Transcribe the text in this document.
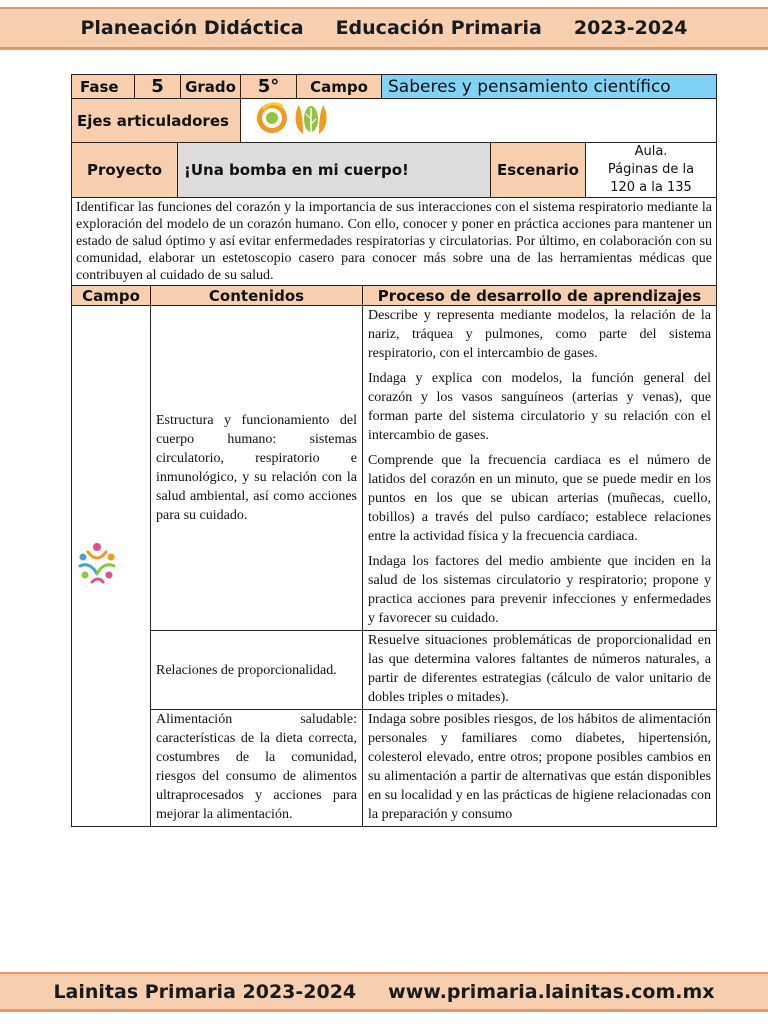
Planeación Didáctica Educación Primaria 2023-2024
Fase	5	Grado	5°	Campo	Saberes y pensamiento científico
Ejes articuladores	
Proyecto	¡Una bomba en mi cuerpo!	Escenario	
Aula.
Páginas de la
120 a la 135
Identificar las funciones del corazón y la importancia de sus interacciones con el sistema respiratorio mediante la exploración del modelo de un corazón humano. Con ello, conocer y poner en práctica acciones para mantener un estado de salud óptimo y así evitar enfermedades respiratorias y circulatorias. Por último, en colaboración con su comunidad, elaborar un estetoscopio casero para conocer más sobre una de las herramientas médicas que contribuyen al cuidado de su salud.		
Campo	Contenidos	Proceso de desarrollo de aprendizajes
	Estructura y funcionamiento del cuerpo humano: sistemas circulatorio, respiratorio e inmunológico, y su relación con la salud ambiental, así como acciones para su cuidado.	Describe y representa mediante modelos, la relación de la nariz, tráquea y pulmones, como parte del sistema respiratorio, con el intercambio de gases.

Indaga y explica con modelos, la función general del corazón y los vasos sanguíneos (arterias y venas), que forman parte del sistema circulatorio y su relación con el intercambio de gases.

Comprende que la frecuencia cardiaca es el número de latidos del corazón en un minuto, que se puede medir en los puntos en los que se ubican arterias (muñecas, cuello, tobillos) a través del pulso cardíaco; establece relaciones entre la actividad física y la frecuencia cardiaca.

Indaga los factores del medio ambiente que inciden en la salud de los sistemas circulatorio y respiratorio; propone y practica acciones para prevenir infecciones y enfermedades y favorecer su cuidado.

	Relaciones de proporcionalidad.	Resuelve situaciones problemáticas de proporcionalidad en las que determina valores faltantes de números naturales, a partir de diferentes estrategias (cálculo de valor unitario de dobles triples o mitades).

	Alimentación saludable: características de la dieta correcta, costumbres de la comunidad, riesgos del consumo de alimentos ultraprocesados y acciones para mejorar la alimentación.	Indaga sobre posibles riesgos, de los hábitos de alimentación personales y familiares como diabetes, hipertensión, colesterol elevado, entre otros; propone posibles cambios en su alimentación a partir de alternativas que están disponibles en su localidad y en las prácticas de higiene relacionadas con la preparación y consumo

Lainitas Primaria 2023-2024 www.primaria.lainitas.com.mx
